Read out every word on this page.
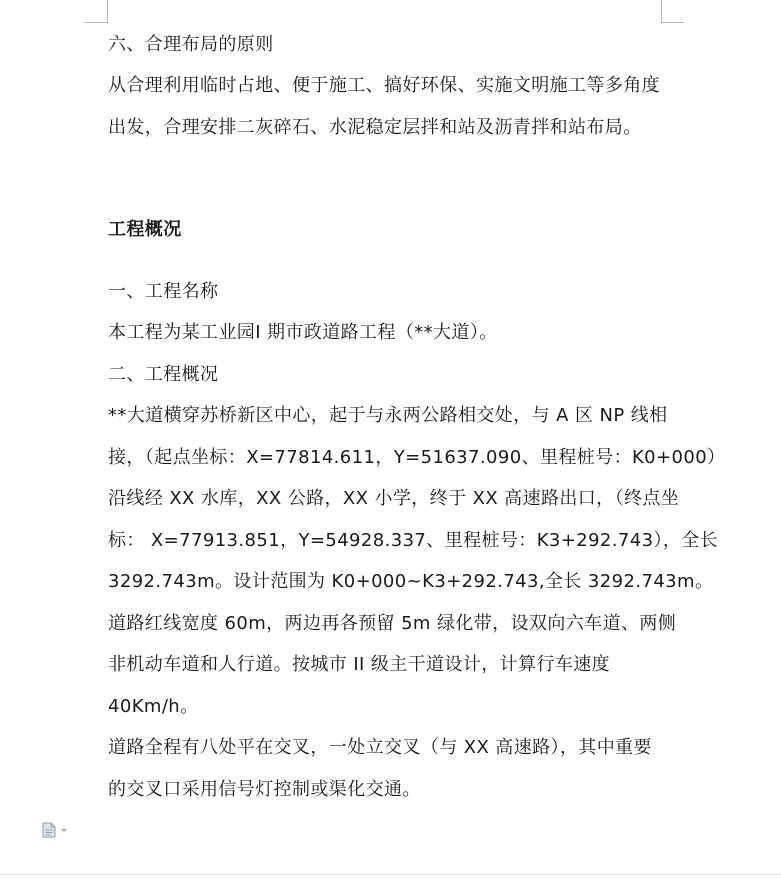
六、合理布局的原则
从合理利用临时占地、便于施工、搞好环保、实施文明施工等多角度
出发，合理安排二灰碎石、水泥稳定层拌和站及沥青拌和站布局。
工程概况
一、工程名称
本工程为某工业园Ⅰ 期市政道路工程（**大道）。
二、工程概况
**大道横穿苏桥新区中心，起于与永两公路相交处，与 A 区 NP 线相
接，（起点坐标：X=77814.611，Y=51637.090、里程桩号：K0+000）
沿线经 XX 水库，XX 公路，XX 小学，终于 XX 高速路出口，（终点坐
标： X=77913.851，Y=54928.337、里程桩号：K3+292.743），全长
3292.743m。设计范围为 K0+000~K3+292.743,全长 3292.743m。
道路红线宽度 60m，两边再各预留 5m 绿化带，设双向六车道、两侧
非机动车道和人行道。按城市 II 级主干道设计，计算行车速度
40Km/h。
道路全程有八处平在交叉，一处立交叉（与 XX 高速路），其中重要
的交叉口采用信号灯控制或渠化交通。
